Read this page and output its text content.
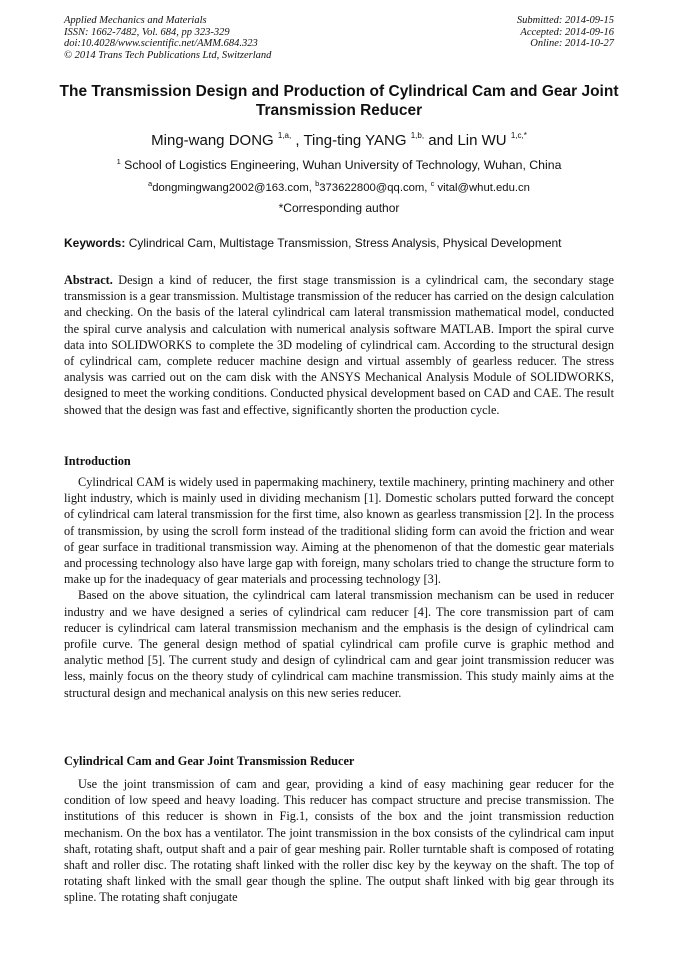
Applied Mechanics and Materials
ISSN: 1662-7482, Vol. 684, pp 323-329
doi:10.4028/www.scientific.net/AMM.684.323
© 2014 Trans Tech Publications Ltd, Switzerland
Submitted: 2014-09-15
Accepted: 2014-09-16
Online: 2014-10-27
The Transmission Design and Production of Cylindrical Cam and Gear Joint Transmission Reducer
Ming-wang DONG $^{1,a,}$ , Ting-ting YANG $^{1,b,}$ and Lin WU $^{1,c,*}$
$^1$ School of Logistics Engineering, Wuhan University of Technology, Wuhan, China
$^a$dongmingwang2002@163.com, $^b$373622800@qq.com, $^c$ vital@whut.edu.cn
*Corresponding author
Keywords: Cylindrical Cam, Multistage Transmission, Stress Analysis, Physical Development

Abstract. Design a kind of reducer, the first stage transmission is a cylindrical cam, the secondary stage transmission is a gear transmission. Multistage transmission of the reducer has carried on the design calculation and checking. On the basis of the lateral cylindrical cam lateral transmission mathematical model, conducted the spiral curve analysis and calculation with numerical analysis software MATLAB. Import the spiral curve data into SOLIDWORKS to complete the 3D modeling of cylindrical cam. According to the structural design of cylindrical cam, complete reducer machine design and virtual assembly of gearless reducer. The stress analysis was carried out on the cam disk with the ANSYS Mechanical Analysis Module of SOLIDWORKS, designed to meet the working conditions. Conducted physical development based on CAD and CAE. The result showed that the design was fast and effective, significantly shorten the production cycle.

Introduction

Cylindrical CAM is widely used in papermaking machinery, textile machinery, printing machinery and other light industry, which is mainly used in dividing mechanism [1]. Domestic scholars putted forward the concept of cylindrical cam lateral transmission for the first time, also known as gearless transmission [2]. In the process of transmission, by using the scroll form instead of the traditional sliding form can avoid the friction and wear of gear surface in traditional transmission way. Aiming at the phenomenon of that the domestic gear materials and processing technology also have large gap with foreign, many scholars tried to change the structure form to make up for the inadequacy of gear materials and processing technology [3].

Based on the above situation, the cylindrical cam lateral transmission mechanism can be used in reducer industry and we have designed a series of cylindrical cam reducer [4]. The core transmission part of cam reducer is cylindrical cam lateral transmission mechanism and the emphasis is the design of cylindrical cam profile curve. The general design method of spatial cylindrical cam profile curve is graphic method and analytic method [5]. The current study and design of cylindrical cam and gear joint transmission reducer was less, mainly focus on the theory study of cylindrical cam machine transmission. This study mainly aims at the structural design and mechanical analysis on this new series reducer.

Cylindrical Cam and Gear Joint Transmission Reducer

Use the joint transmission of cam and gear, providing a kind of easy machining gear reducer for the condition of low speed and heavy loading. This reducer has compact structure and precise transmission. The institutions of this reducer is shown in Fig.1, consists of the box and the joint transmission reduction mechanism. On the box has a ventilator. The joint transmission in the box consists of the cylindrical cam input shaft, rotating shaft, output shaft and a pair of gear meshing pair. Roller turntable shaft is composed of rotating shaft and roller disc. The rotating shaft linked with the roller disc key by the keyway on the shaft. The top of rotating shaft linked with the small gear though the spline. The output shaft linked with big gear through its spline. The rotating shaft conjugate
